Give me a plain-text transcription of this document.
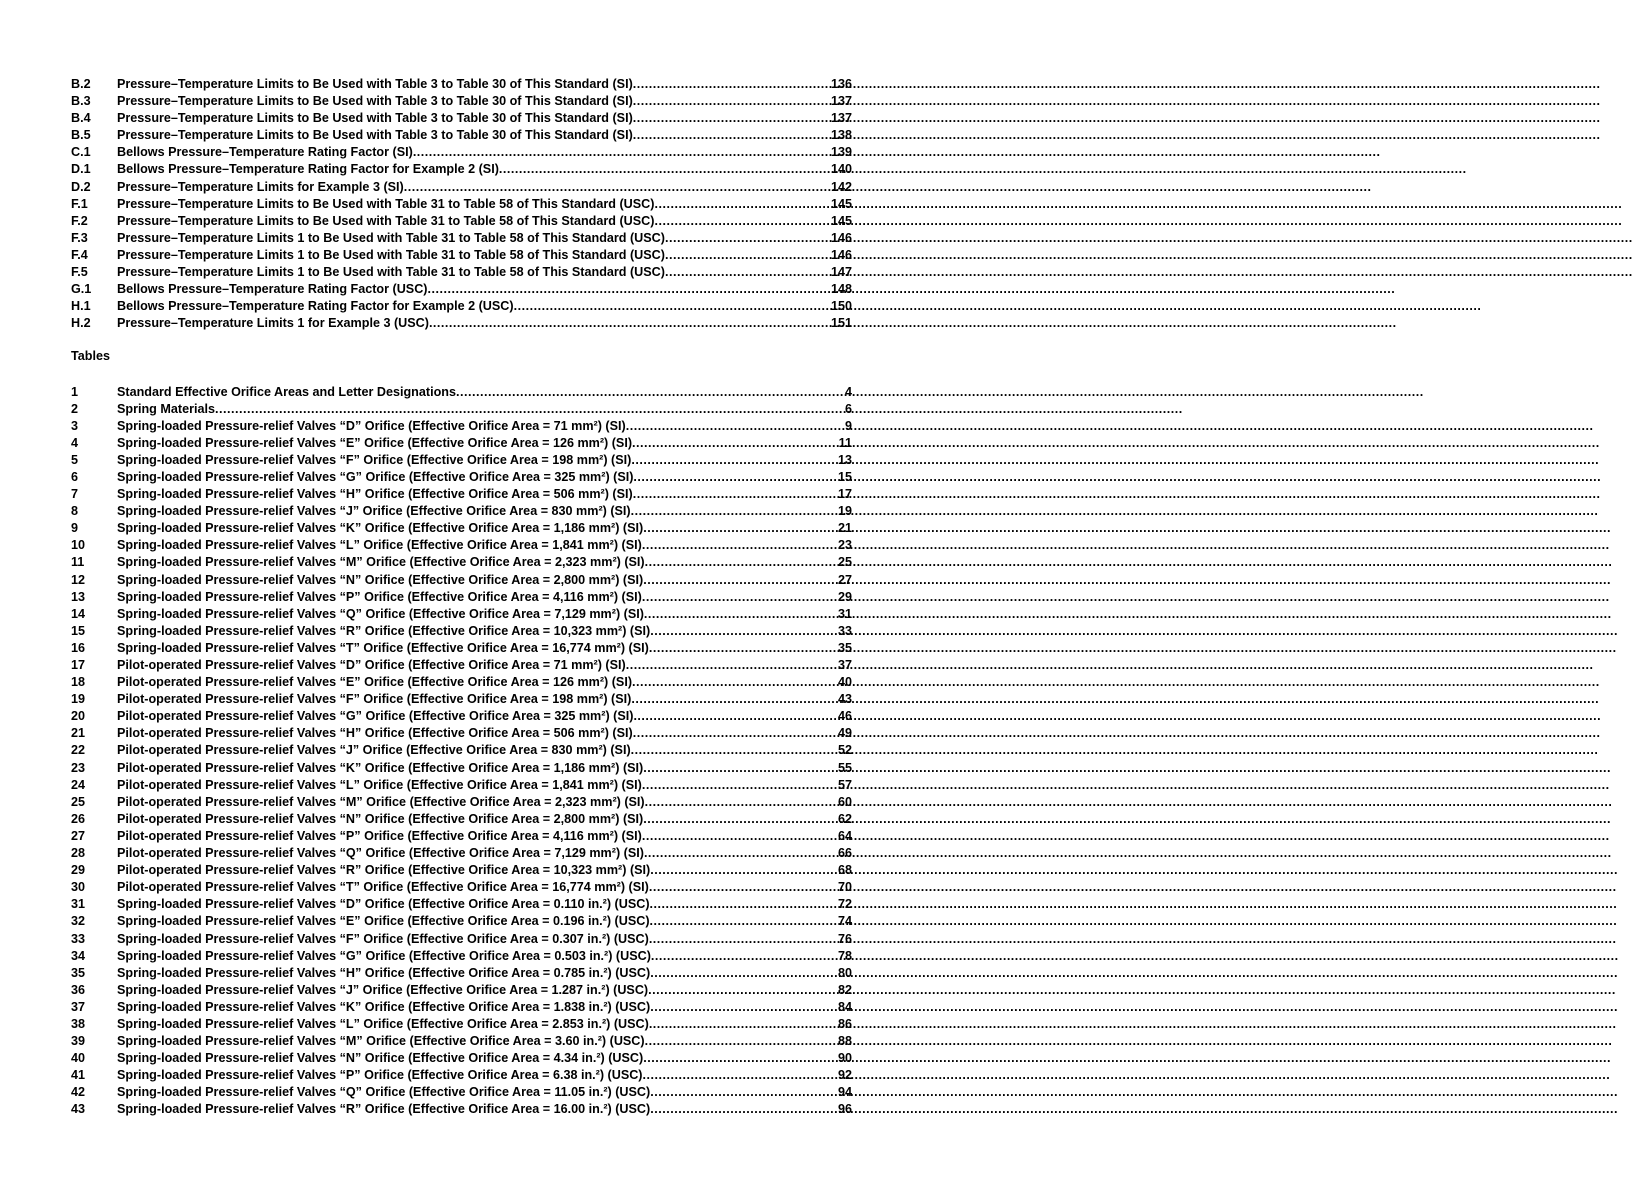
B.2	Pressure–Temperature Limits to Be Used with Table 3 to Table 30 of This Standard (SI) .....	136
B.3	Pressure–Temperature Limits to Be Used with Table 3 to Table 30 of This Standard (SI) .....	137
B.4	Pressure–Temperature Limits to Be Used with Table 3 to Table 30 of This Standard (SI) .....	137
B.5	Pressure–Temperature Limits to Be Used with Table 3 to Table 30 of This Standard (SI) .....	138
C.1	Bellows Pressure–Temperature Rating Factor (SI) .....	139
D.1	Bellows Pressure–Temperature Rating Factor for Example 2 (SI) .....	140
D.2	Pressure–Temperature Limits for Example 3 (SI) .....	142
F.1	Pressure–Temperature Limits to Be Used with Table 31 to Table 58 of This Standard (USC) .....	145
F.2	Pressure–Temperature Limits to Be Used with Table 31 to Table 58 of This Standard (USC) .....	145
F.3	Pressure–Temperature Limits 1 to Be Used with Table 31 to Table 58 of This Standard (USC) .....	146
F.4	Pressure–Temperature Limits 1 to Be Used with Table 31 to Table 58 of This Standard (USC) .....	146
F.5	Pressure–Temperature Limits 1 to Be Used with Table 31 to Table 58 of This Standard (USC) .....	147
G.1	Bellows Pressure–Temperature Rating Factor (USC) .....	148
H.1	Bellows Pressure–Temperature Rating Factor for Example 2 (USC) .....	150
H.2	Pressure–Temperature Limits 1 for Example 3 (USC) .....	151
Tables
1	Standard Effective Orifice Areas and Letter Designations .....	4
2	Spring Materials .....	6
3	Spring-loaded Pressure-relief Valves “D” Orifice (Effective Orifice Area = 71 mm²) (SI) .....	9
4	Spring-loaded Pressure-relief Valves “E” Orifice (Effective Orifice Area = 126 mm²) (SI) .....	11
5	Spring-loaded Pressure-relief Valves “F” Orifice (Effective Orifice Area = 198 mm²) (SI) .....	13
6	Spring-loaded Pressure-relief Valves “G” Orifice (Effective Orifice Area = 325 mm²) (SI) .....	15
7	Spring-loaded Pressure-relief Valves “H” Orifice (Effective Orifice Area = 506 mm²) (SI) .....	17
8	Spring-loaded Pressure-relief Valves “J” Orifice (Effective Orifice Area = 830 mm²) (SI) .....	19
9	Spring-loaded Pressure-relief Valves “K” Orifice (Effective Orifice Area = 1,186 mm²) (SI) .....	21
10	Spring-loaded Pressure-relief Valves “L” Orifice (Effective Orifice Area = 1,841 mm²) (SI) .....	23
11	Spring-loaded Pressure-relief Valves “M” Orifice (Effective Orifice Area = 2,323 mm²) (SI) .....	25
12	Spring-loaded Pressure-relief Valves “N” Orifice (Effective Orifice Area = 2,800 mm²) (SI) .....	27
13	Spring-loaded Pressure-relief Valves “P” Orifice (Effective Orifice Area = 4,116 mm²) (SI) .....	29
14	Spring-loaded Pressure-relief Valves “Q” Orifice (Effective Orifice Area = 7,129 mm²) (SI) .....	31
15	Spring-loaded Pressure-relief Valves “R” Orifice (Effective Orifice Area = 10,323 mm²) (SI) .....	33
16	Spring-loaded Pressure-relief Valves “T” Orifice (Effective Orifice Area = 16,774 mm²) (SI) .....	35
17	Pilot-operated Pressure-relief Valves “D” Orifice (Effective Orifice Area = 71 mm²) (SI) .....	37
18	Pilot-operated Pressure-relief Valves “E” Orifice (Effective Orifice Area = 126 mm²) (SI) .....	40
19	Pilot-operated Pressure-relief Valves “F” Orifice (Effective Orifice Area = 198 mm²) (SI) .....	43
20	Pilot-operated Pressure-relief Valves “G” Orifice (Effective Orifice Area = 325 mm²) (SI) .....	46
21	Pilot-operated Pressure-relief Valves “H” Orifice (Effective Orifice Area = 506 mm²) (SI) .....	49
22	Pilot-operated Pressure-relief Valves “J” Orifice (Effective Orifice Area = 830 mm²) (SI) .....	52
23	Pilot-operated Pressure-relief Valves “K” Orifice (Effective Orifice Area = 1,186 mm²) (SI) .....	55
24	Pilot-operated Pressure-relief Valves “L” Orifice (Effective Orifice Area = 1,841 mm²) (SI) .....	57
25	Pilot-operated Pressure-relief Valves “M” Orifice (Effective Orifice Area = 2,323 mm²) (SI) .....	60
26	Pilot-operated Pressure-relief Valves “N” Orifice (Effective Orifice Area = 2,800 mm²) (SI) .....	62
27	Pilot-operated Pressure-relief Valves “P” Orifice (Effective Orifice Area = 4,116 mm²) (SI) .....	64
28	Pilot-operated Pressure-relief Valves “Q” Orifice (Effective Orifice Area = 7,129 mm²) (SI) .....	66
29	Pilot-operated Pressure-relief Valves “R” Orifice (Effective Orifice Area = 10,323 mm²) (SI) .....	68
30	Pilot-operated Pressure-relief Valves “T” Orifice (Effective Orifice Area = 16,774 mm²) (SI) .....	70
31	Spring-loaded Pressure-relief Valves “D” Orifice (Effective Orifice Area = 0.110 in.²) (USC) .....	72
32	Spring-loaded Pressure-relief Valves “E” Orifice (Effective Orifice Area = 0.196 in.²) (USC) .....	74
33	Spring-loaded Pressure-relief Valves “F” Orifice (Effective Orifice Area = 0.307 in.²) (USC) .....	76
34	Spring-loaded Pressure-relief Valves “G” Orifice (Effective Orifice Area = 0.503 in.²) (USC) .....	78
35	Spring-loaded Pressure-relief Valves “H” Orifice (Effective Orifice Area = 0.785 in.²) (USC) .....	80
36	Spring-loaded Pressure-relief Valves “J” Orifice (Effective Orifice Area = 1.287 in.²) (USC) .....	82
37	Spring-loaded Pressure-relief Valves “K” Orifice (Effective Orifice Area = 1.838 in.²) (USC) .....	84
38	Spring-loaded Pressure-relief Valves “L” Orifice (Effective Orifice Area = 2.853 in.²) (USC) .....	86
39	Spring-loaded Pressure-relief Valves “M” Orifice (Effective Orifice Area = 3.60 in.²) (USC) .....	88
40	Spring-loaded Pressure-relief Valves “N” Orifice (Effective Orifice Area = 4.34 in.²) (USC) .....	90
41	Spring-loaded Pressure-relief Valves “P” Orifice (Effective Orifice Area = 6.38 in.²) (USC) .....	92
42	Spring-loaded Pressure-relief Valves “Q” Orifice (Effective Orifice Area = 11.05 in.²) (USC) .....	94
43	Spring-loaded Pressure-relief Valves “R” Orifice (Effective Orifice Area = 16.00 in.²) (USC) .....	96
